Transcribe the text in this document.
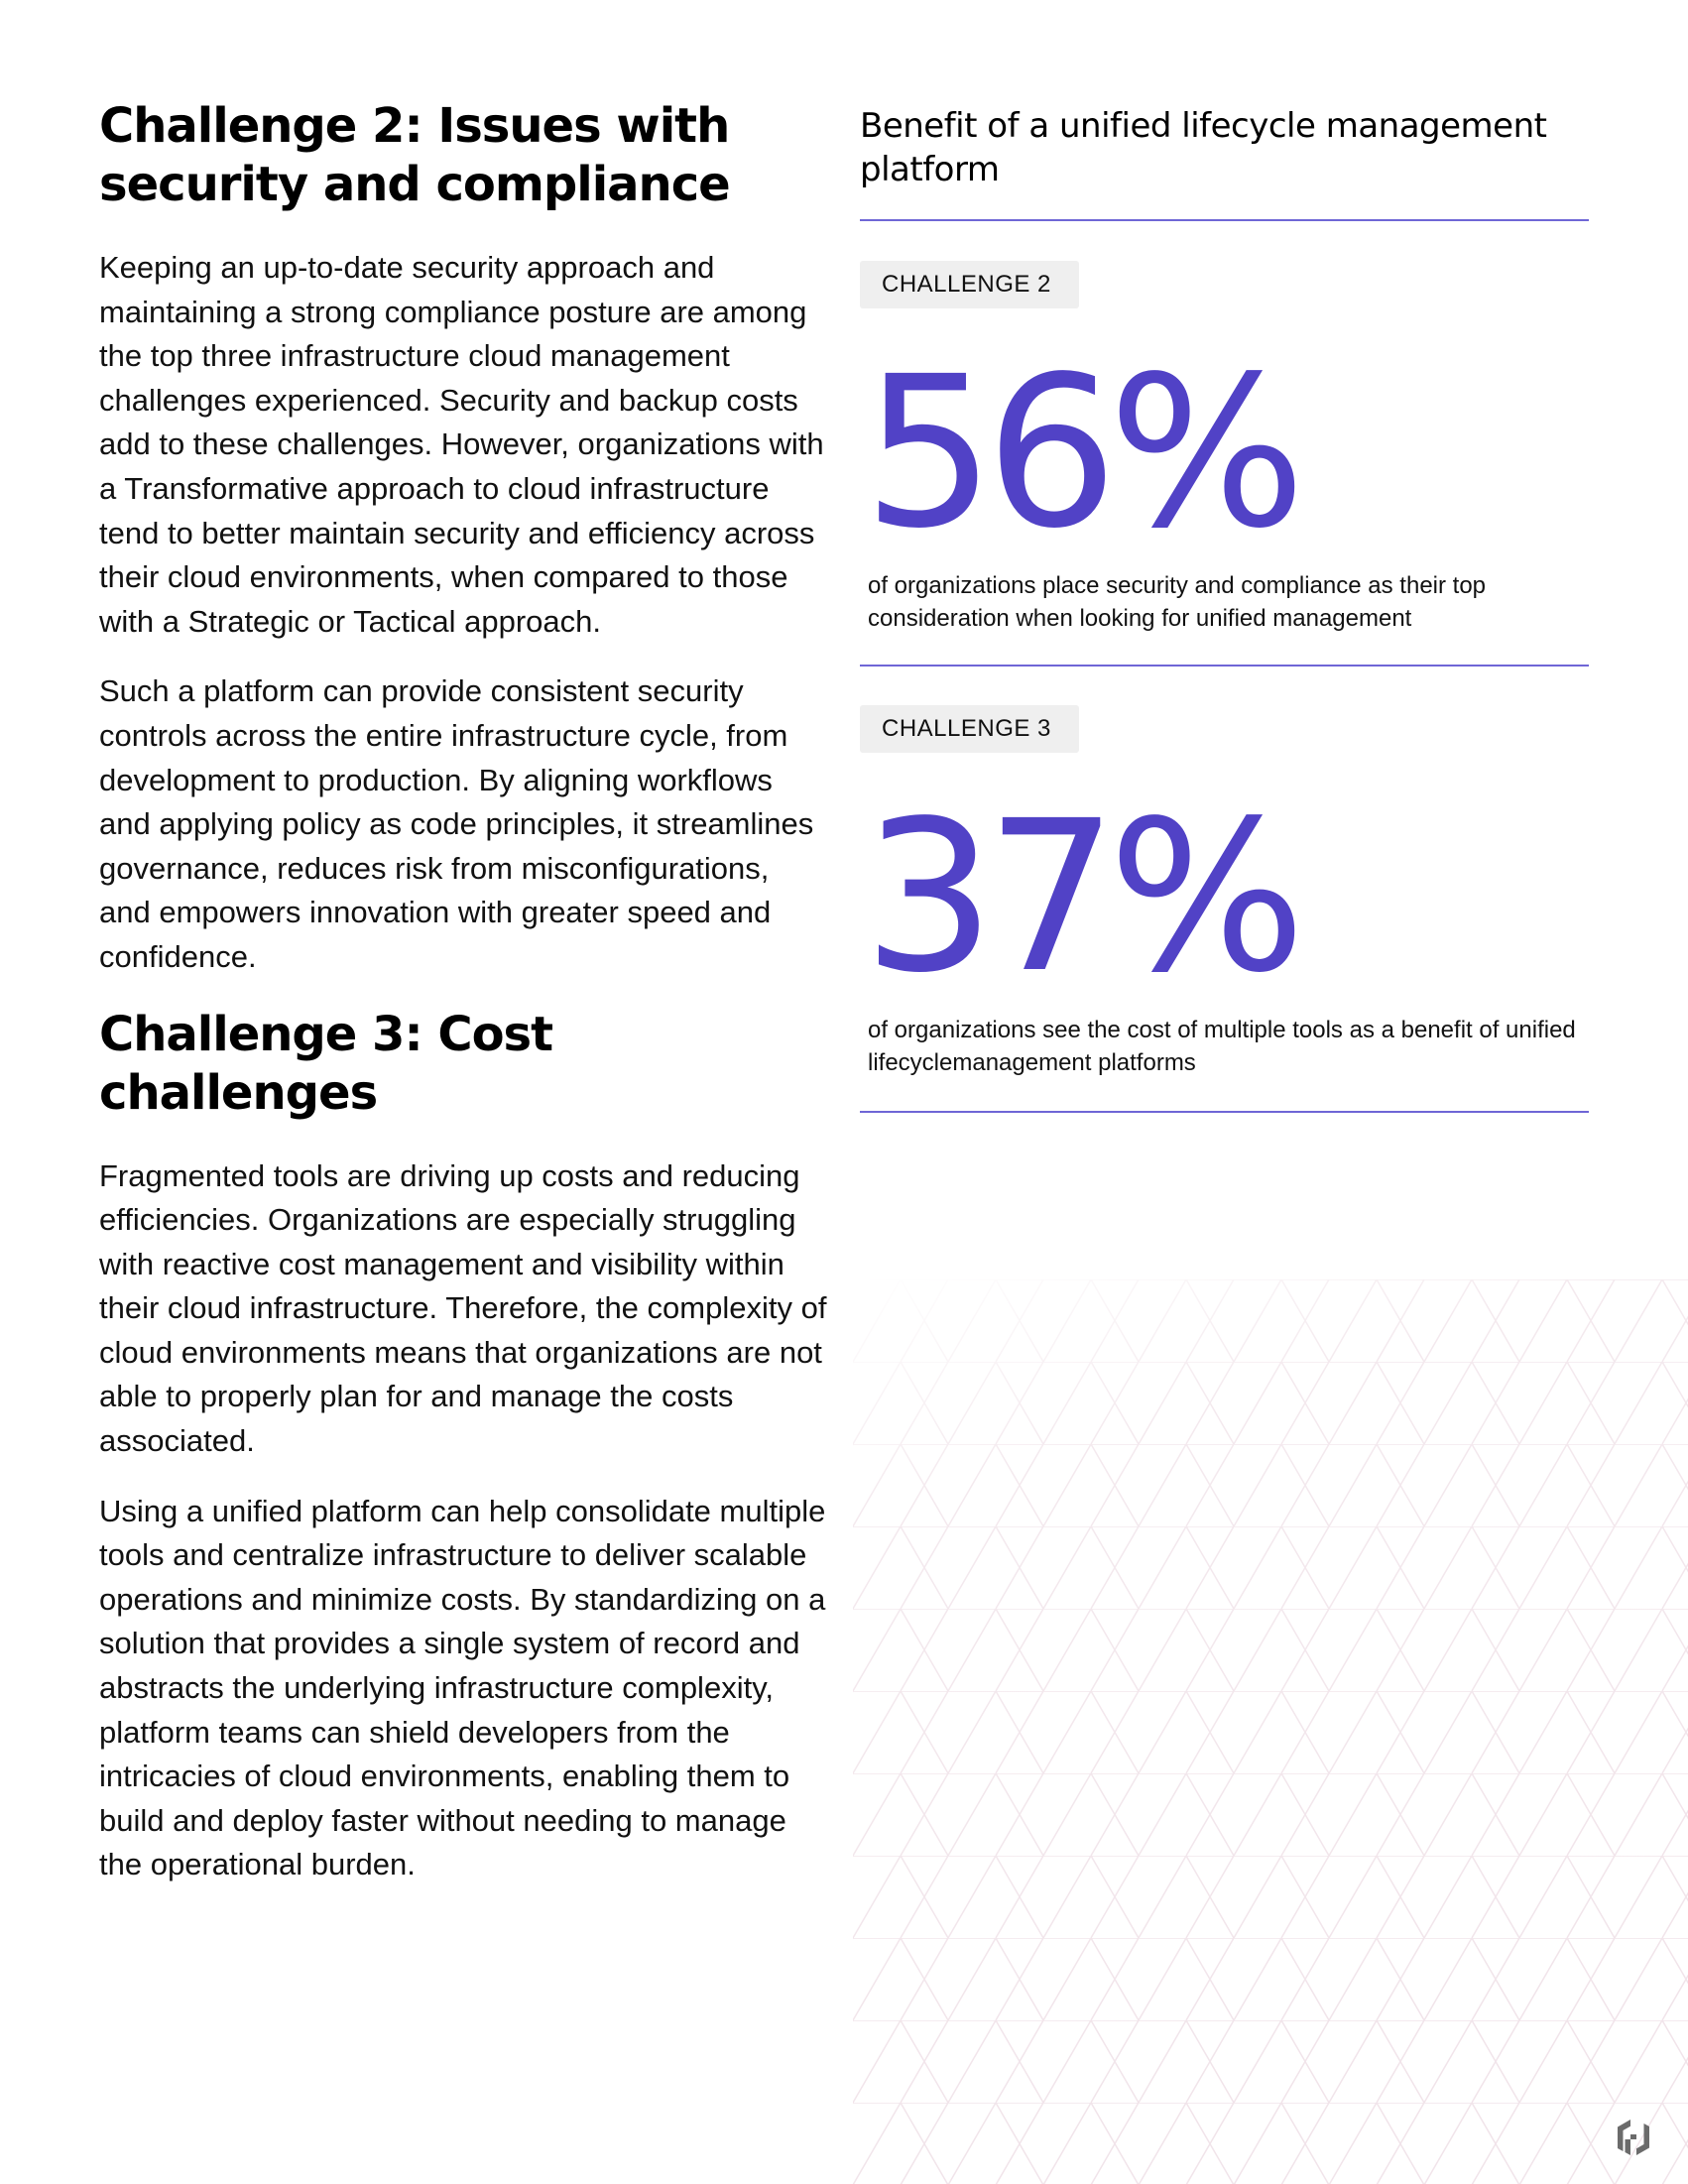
Challenge 2: Issues with security and compliance

Keeping an up-to-date security approach and maintaining a strong compliance posture are among the top three infrastructure cloud management challenges experienced. Security and backup costs add to these challenges. However, organizations with a Transformative approach to cloud infrastructure tend to better maintain security and efficiency across their cloud environments, when compared to those with a Strategic or Tactical approach.

Such a platform can provide consistent security controls across the entire infrastructure cycle, from development to production. By aligning workflows and applying policy as code principles, it streamlines governance, reduces risk from misconfigurations, and empowers innovation with greater speed and confidence.

Challenge 3: Cost challenges

Fragmented tools are driving up costs and reducing efficiencies. Organizations are especially struggling with reactive cost management and visibility within their cloud infrastructure. Therefore, the complexity of cloud environments means that organizations are not able to properly plan for and manage the costs associated.

Using a unified platform can help consolidate multiple tools and centralize infrastructure to deliver scalable operations and minimize costs. By standardizing on a solution that provides a single system of record and abstracts the underlying infrastructure complexity, platform teams can shield developers from the intricacies of cloud environments, enabling them to build and deploy faster without needing to manage the operational burden.

Benefit of a unified lifecycle management platform
CHALLENGE 2
56%
of organizations place security and compliance as their top consideration when looking for unified management
CHALLENGE 3
37%
of organizations see the cost of multiple tools as a benefit of unified lifecyclemanagement platforms
